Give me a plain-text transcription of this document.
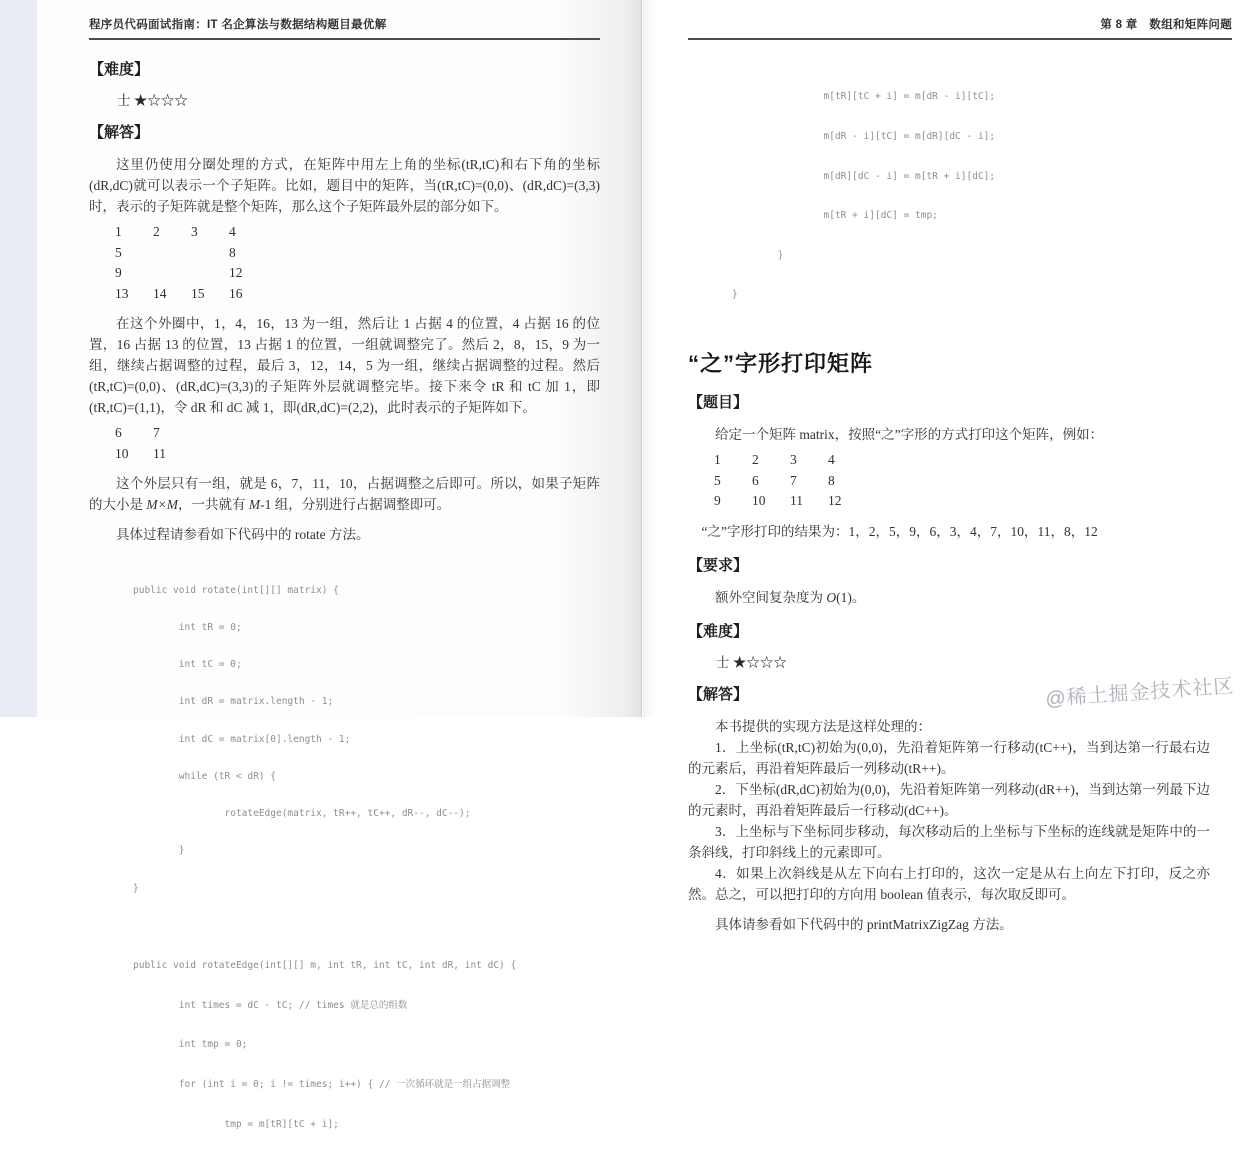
程序员代码面试指南：IT 名企算法与数据结构题目最优解
【难度】
士 ★☆☆☆
【解答】
这里仍使用分圈处理的方式，在矩阵中用左上角的坐标(tR,tC)和右下角的坐标(dR,dC)就可以表示一个子矩阵。比如，题目中的矩阵，当(tR,tC)=(0,0)、(dR,dC)=(3,3)时，表示的子矩阵就是整个矩阵，那么这个子矩阵最外层的部分如下。
1 2 3 4
5	8
9	12
13 14 15 16
在这个外圈中，1，4，16，13 为一组，然后让 1 占据 4 的位置，4 占据 16 的位置，16 占据 13 的位置，13 占据 1 的位置，一组就调整完了。然后 2，8，15，9 为一组，继续占据调整的过程，最后 3，12，14，5 为一组，继续占据调整的过程。然后(tR,tC)=(0,0)、(dR,dC)=(3,3)的子矩阵外层就调整完毕。接下来令 tR 和 tC 加 1，即(tR,tC)=(1,1)，令 dR 和 dC 减 1，即(dR,dC)=(2,2)，此时表示的子矩阵如下。
6 7
10 11
这个外层只有一组，就是 6，7，11，10，占据调整之后即可。所以，如果子矩阵的大小是 M×M，一共就有 M-1 组，分别进行占据调整即可。
具体过程请参看如下代码中的 rotate 方法。

public void rotate(int[][] matrix) {

int tR = 0;

int tC = 0;

int dR = matrix.length - 1;

int dC = matrix[0].length - 1;

while (tR < dR) {

rotateEdge(matrix, tR++, tC++, dR--, dC--);

}

}

public void rotateEdge(int[][] m, int tR, int tC, int dR, int dC) {

int times = dC - tC; // times 就是总的组数

int tmp = 0;

for (int i = 0; i != times; i++) { // 一次循环就是一组占据调整

tmp = m[tR][tC + i];

第 8 章　数组和矩阵问题

m[tR][tC + i] = m[dR - i][tC];

m[dR - i][tC] = m[dR][dC - i];

m[dR][dC - i] = m[tR + i][dC];

m[tR + i][dC] = tmp;

}

}

“之”字形打印矩阵
【题目】
给定一个矩阵 matrix，按照“之”字形的方式打印这个矩阵，例如：
1 2 3 4
5 6 7 8
9 10 11 12
“之”字形打印的结果为：1，2，5，9，6，3，4，7，10，11，8，12
【要求】
额外空间复杂度为 O(1)。
【难度】
士 ★☆☆☆
【解答】
本书提供的实现方法是这样处理的：
1．上坐标(tR,tC)初始为(0,0)，先沿着矩阵第一行移动(tC++)，当到达第一行最右边的元素后，再沿着矩阵最后一列移动(tR++)。
2．下坐标(dR,dC)初始为(0,0)，先沿着矩阵第一列移动(dR++)，当到达第一列最下边的元素时，再沿着矩阵最后一行移动(dC++)。
3．上坐标与下坐标同步移动，每次移动后的上坐标与下坐标的连线就是矩阵中的一条斜线，打印斜线上的元素即可。
4．如果上次斜线是从左下向右上打印的，这次一定是从右上向左下打印，反之亦然。总之，可以把打印的方向用 boolean 值表示，每次取反即可。
具体请参看如下代码中的 printMatrixZigZag 方法。
@稀土掘金技术社区
